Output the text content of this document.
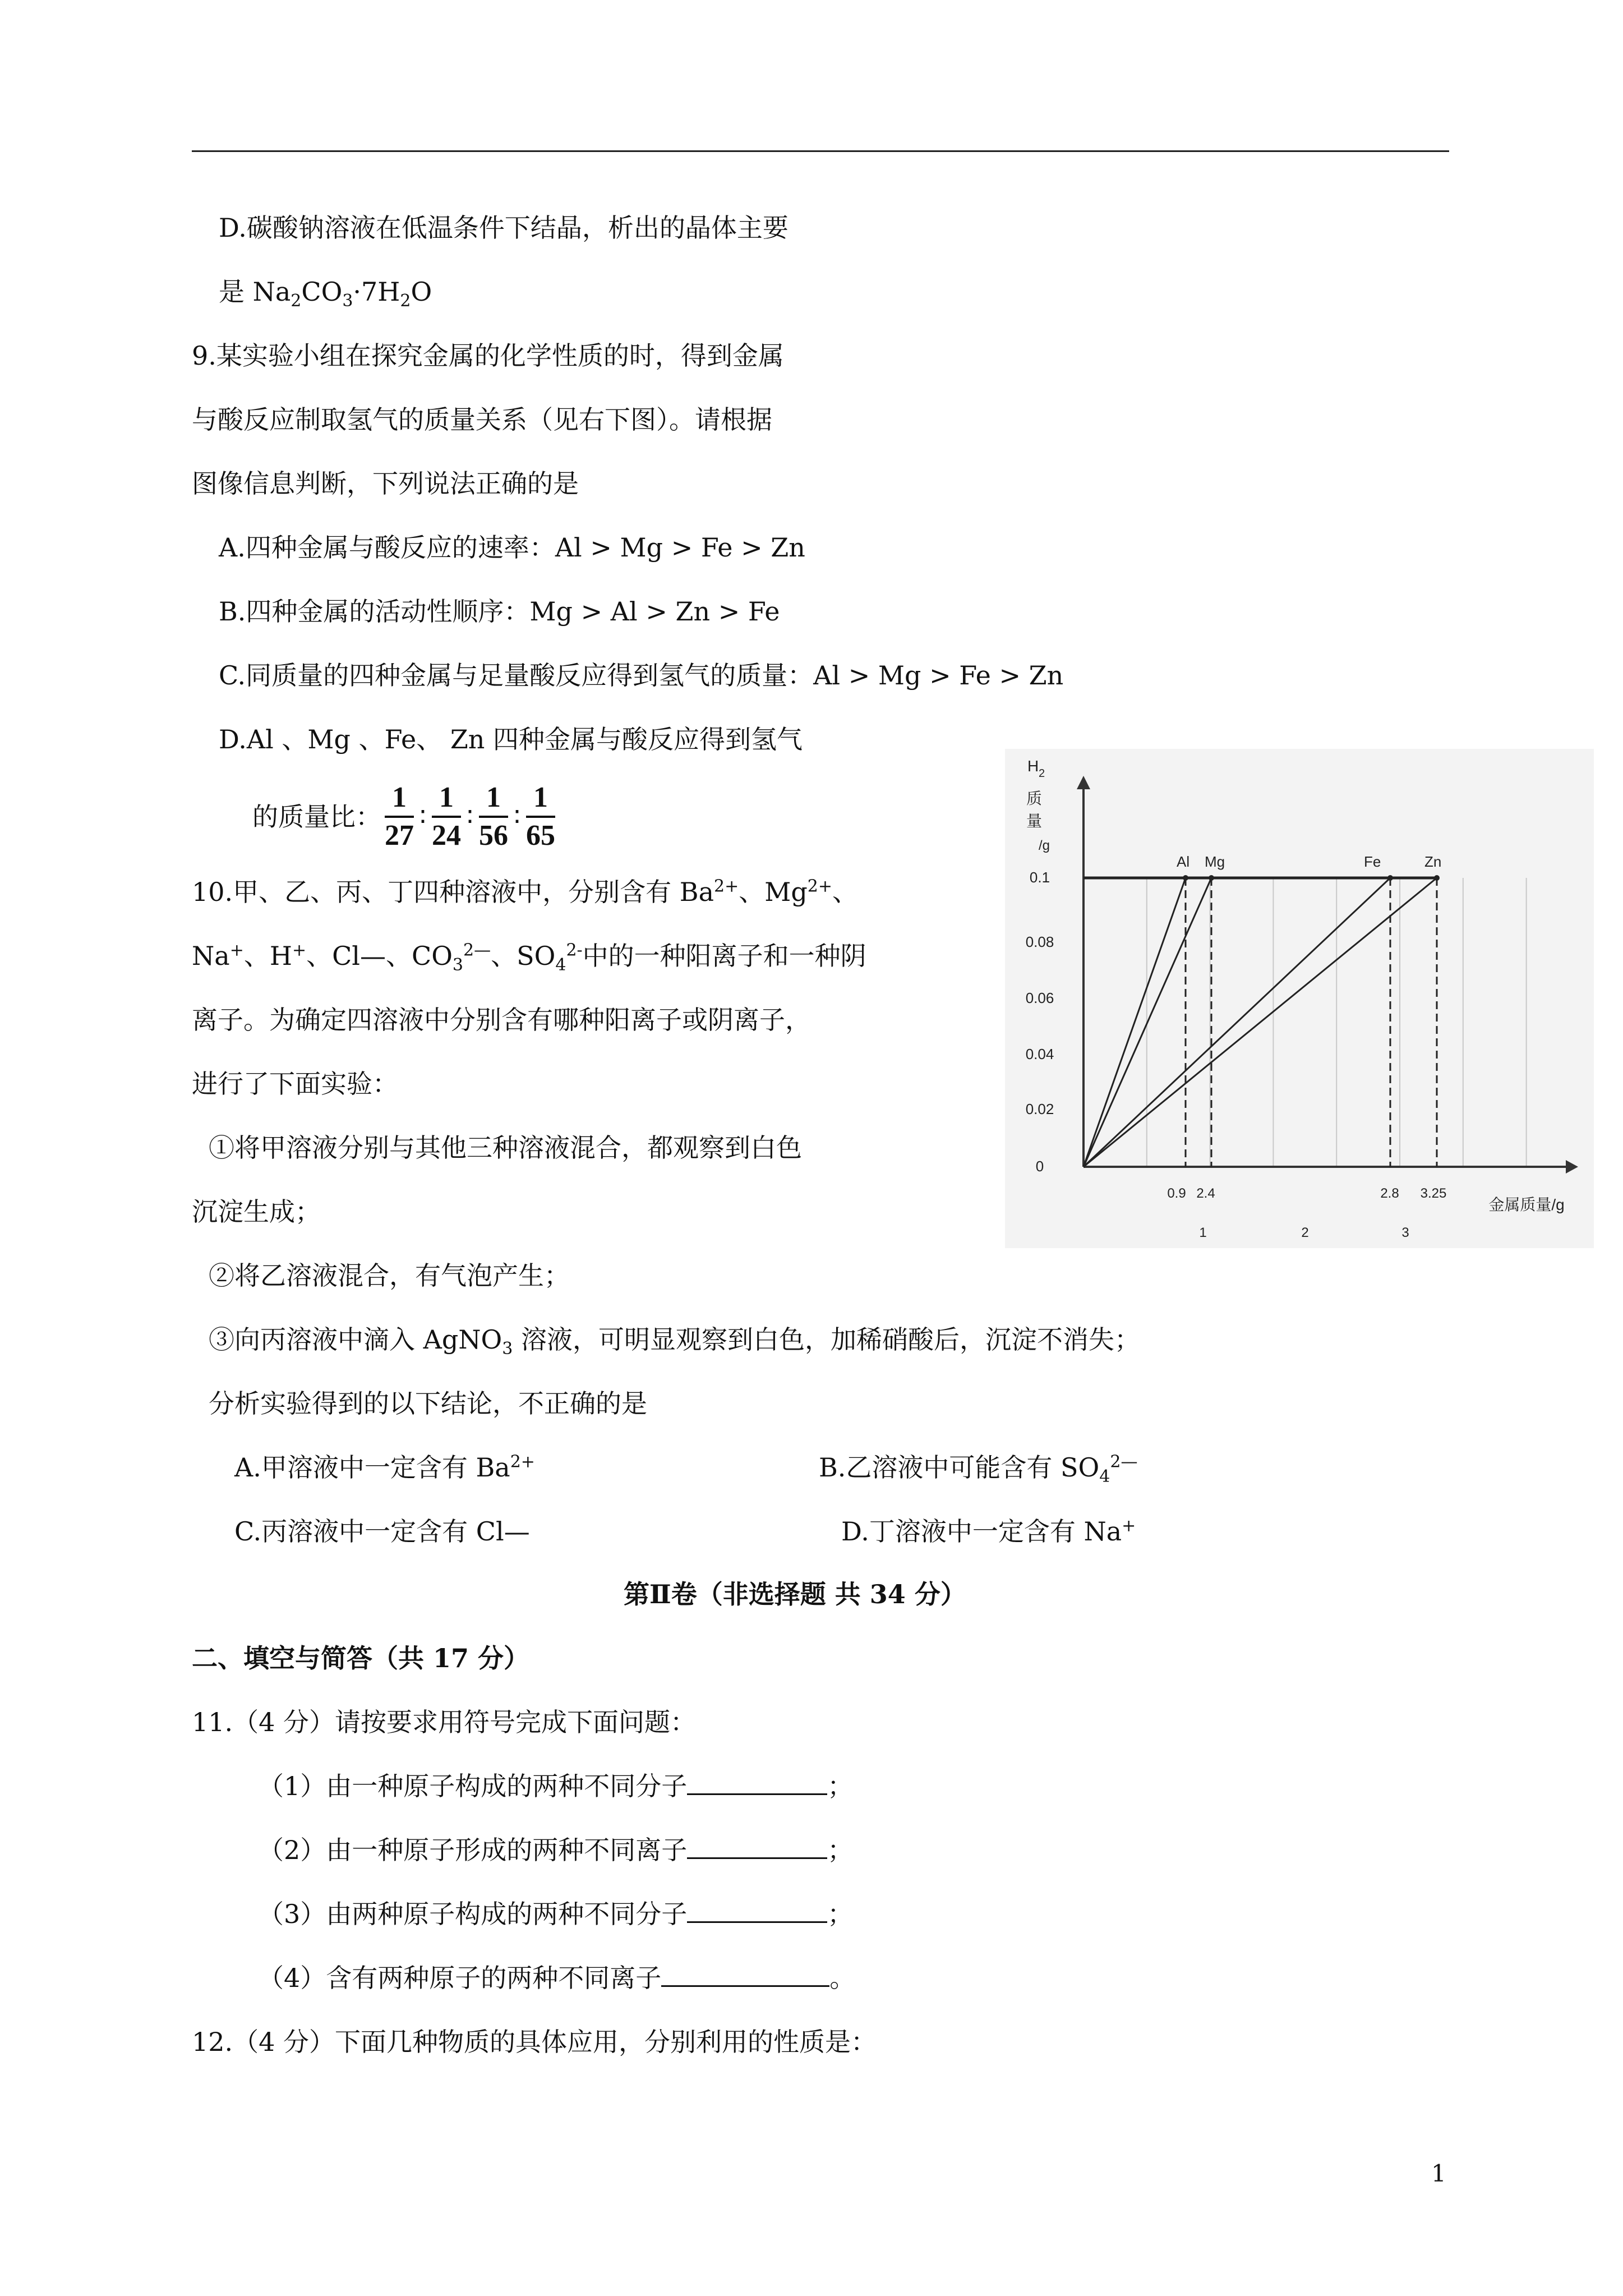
D.碳酸钠溶液在低温条件下结晶，析出的晶体主要
是 $Na_2CO_3\cdot 7H_2O$
9.某实验小组在探究金属的化学性质的时，得到金属
与酸反应制取氢气的质量关系（见右下图）。请根据
图像信息判断，下列说法正确的是
A.四种金属与酸反应的速率：Al > Mg > Fe > Zn
B.四种金属的活动性顺序：Mg > Al > Zn > Fe
C.同质量的四种金属与足量酸反应得到氢气的质量：Al > Mg > Fe > Zn
D.Al 、Mg 、Fe、 Zn 四种金属与酸反应得到氢气
的质量比： $\frac{1}{27}$ ∶ $\frac{1}{24}$ ∶ $\frac{1}{56}$ ∶ $\frac{1}{65}$
0
0.02
0.04
0.06
0.08
0.1
H 2
质
量
/g
Al Mg	Fe	Zn
0.9 2.4	2.8 3.25
1	2	3
金属质量/g
10.甲、乙、丙、丁四种溶液中，分别含有 $Ba^{2+}$、$Mg^{2+}$、
Na+、H+、Cl—、$CO_3^{2—}$、$SO_4^{2-}$中的一种阳离子和一种阴
离子。为确定四溶液中分别含有哪种阳离子或阴离子，
进行了下面实验：
①将甲溶液分别与其他三种溶液混合，都观察到白色
沉淀生成；
②将乙溶液混合，有气泡产生；
③向丙溶液中滴入 AgNO$_3$ 溶液，可明显观察到白色，加稀硝酸后，沉淀不消失；
分析实验得到的以下结论，不正确的是
A.甲溶液中一定含有 $Ba^{2+}$	B.乙溶液中可能含有 $SO_4^{2—}$
C.丙溶液中一定含有 Cl—	D.丁溶液中一定含有 Na+
第Ⅱ卷（非选择题 共 34 分）
二、填空与简答（共 17 分）
11.（4 分）请按要求用符号完成下面问题：
（1）由一种原子构成的两种不同分子	；
（2）由一种原子形成的两种不同离子	；
（3）由两种原子构成的两种不同分子	；
（4）含有两种原子的两种不同离子	。
12.（4 分）下面几种物质的具体应用，分别利用的性质是：
1
